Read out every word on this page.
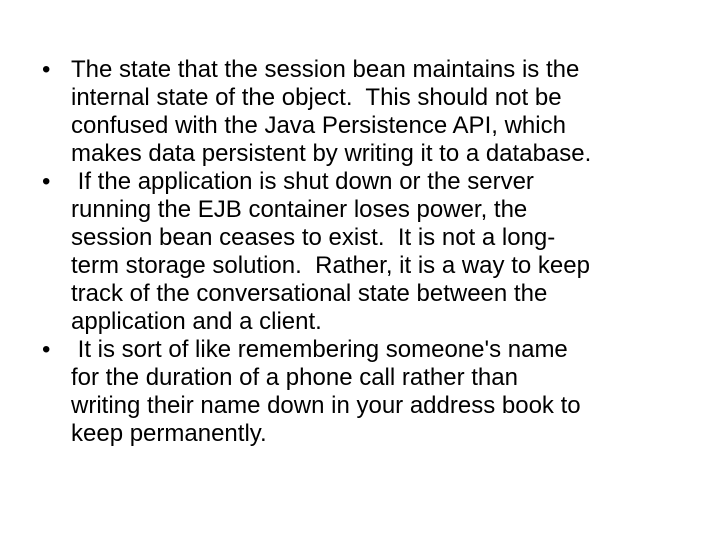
• The state that the session bean maintains is the
internal state of the object.  This should not be
confused with the Java Persistence API, which
makes data persistent by writing it to a database.
• If the application is shut down or the server
running the EJB container loses power, the
session bean ceases to exist.  It is not a long-
term storage solution.  Rather, it is a way to keep
track of the conversational state between the
application and a client.
• It is sort of like remembering someone's name
for the duration of a phone call rather than
writing their name down in your address book to
keep permanently.
